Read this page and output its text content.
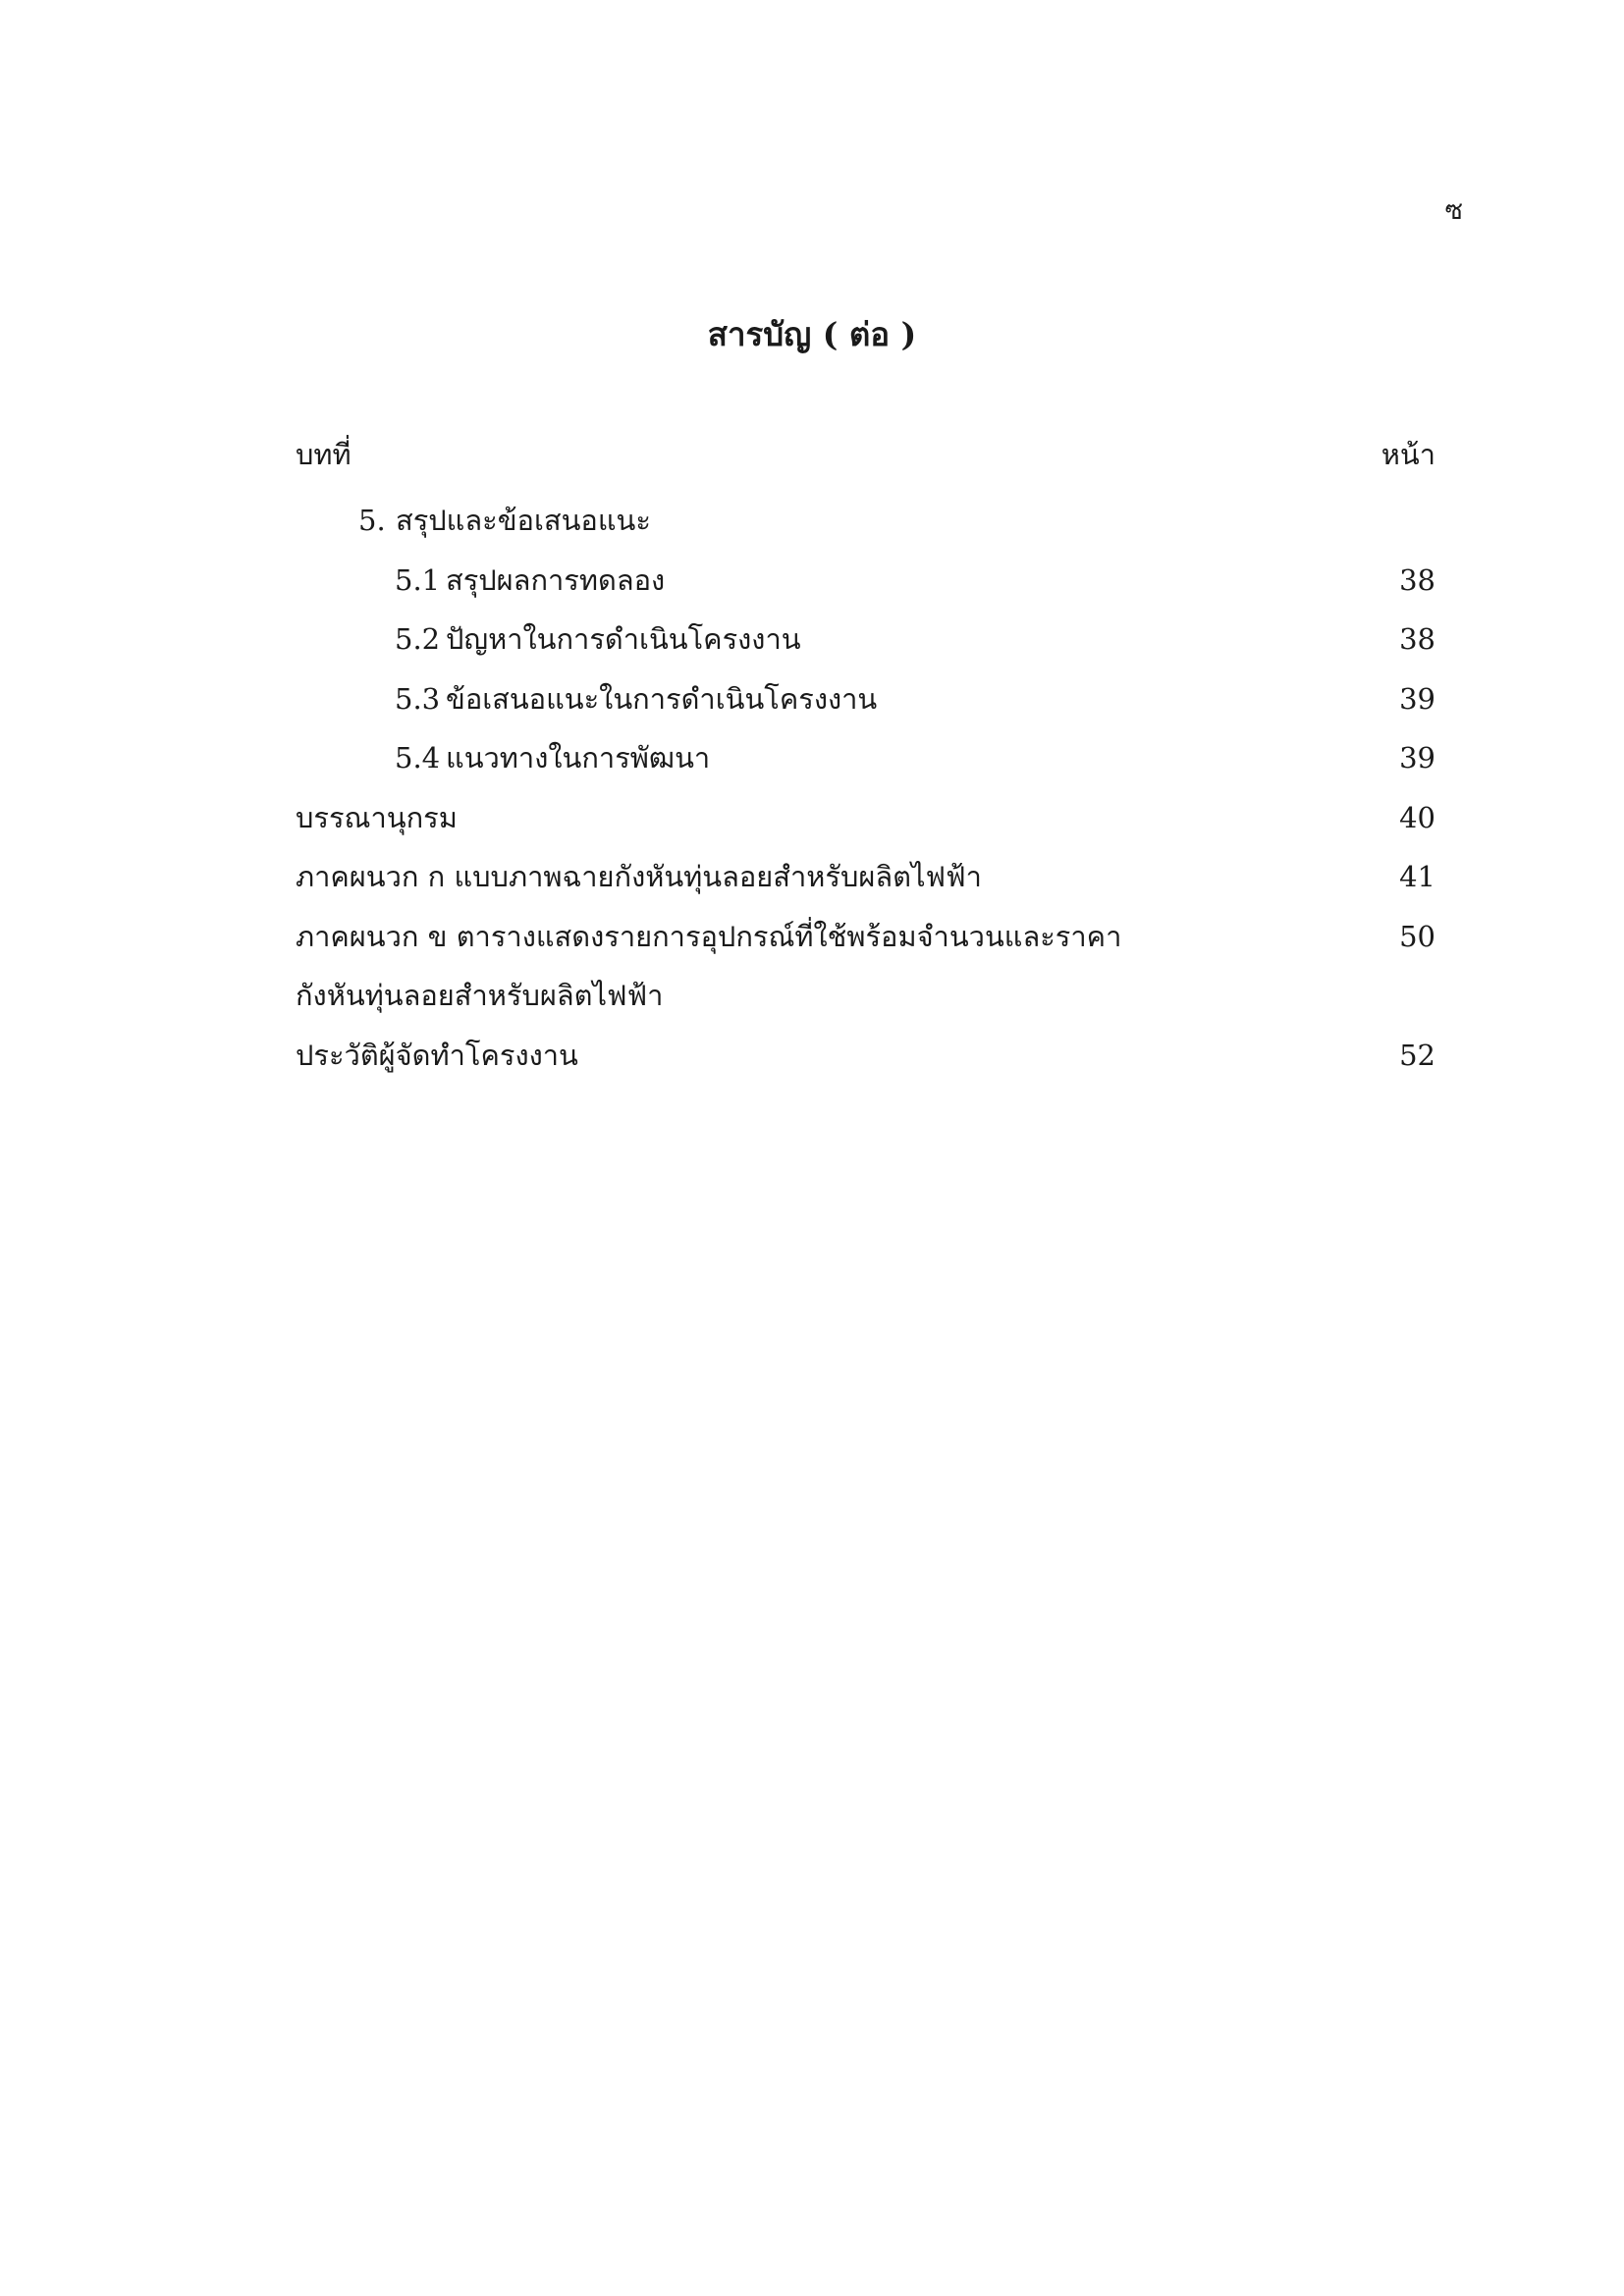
ซ
สารบัญ ( ต่อ )
บทที่	หน้า
5. สรุปและข้อเสนอแนะ
5.1 สรุปผลการทดลอง	38
5.2 ปัญหาในการดำเนินโครงงาน	38
5.3 ข้อเสนอแนะในการดำเนินโครงงาน	39
5.4 แนวทางในการพัฒนา	39
บรรณานุกรม	40
ภาคผนวก ก แบบภาพฉายกังหันทุ่นลอยสำหรับผลิตไฟฟ้า	41
ภาคผนวก ข ตารางแสดงรายการอุปกรณ์ที่ใช้พร้อมจำนวนและราคา	50
กังหันทุ่นลอยสำหรับผลิตไฟฟ้า
ประวัติผู้จัดทำโครงงาน	52
